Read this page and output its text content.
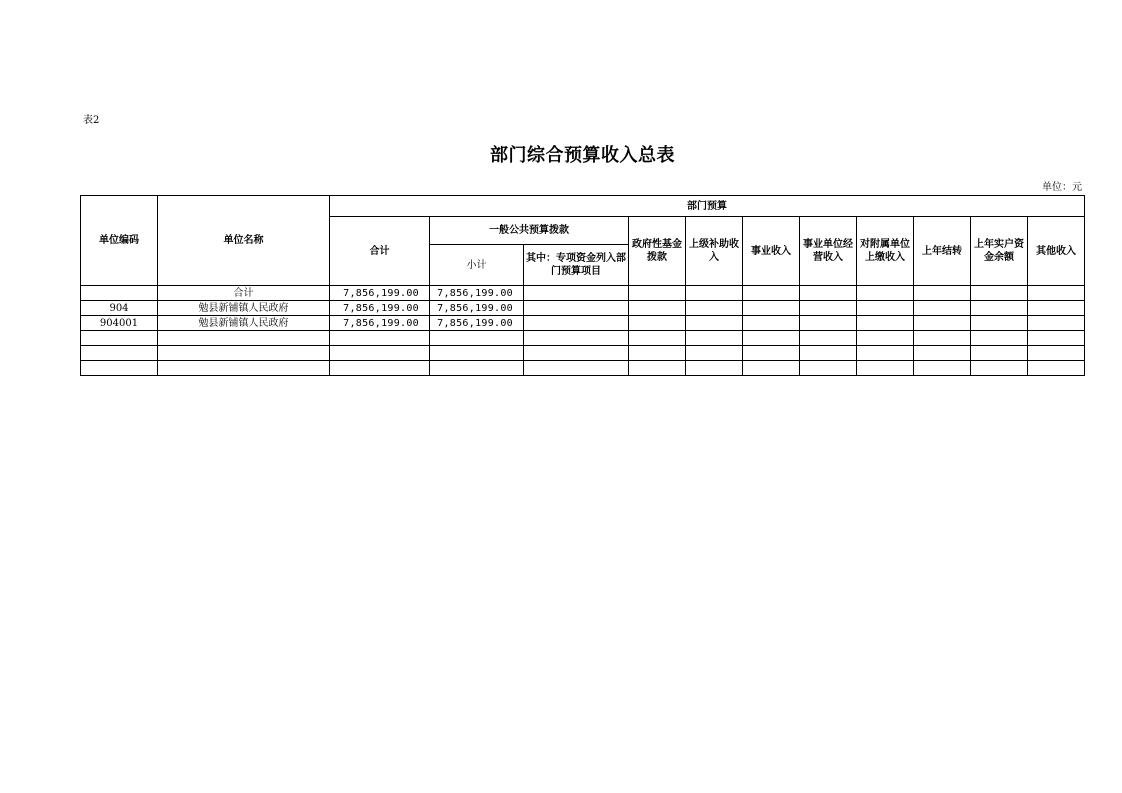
表2
部门综合预算收入总表
单位：元
单位编码	单位名称	部门预算										
		合计	一般公共预算拨款		政府性基金拨款	上级补助收入	事业收入	事业单位经营收入	对附属单位上缴收入	上年结转	上年实户资金余额	其他收入
			小计	其中：专项资金列入部门预算项目								
	合计	7,856,199.00	7,856,199.00									
904	勉县新铺镇人民政府	7,856,199.00	7,856,199.00									
904001	勉县新铺镇人民政府	7,856,199.00	7,856,199.00									
